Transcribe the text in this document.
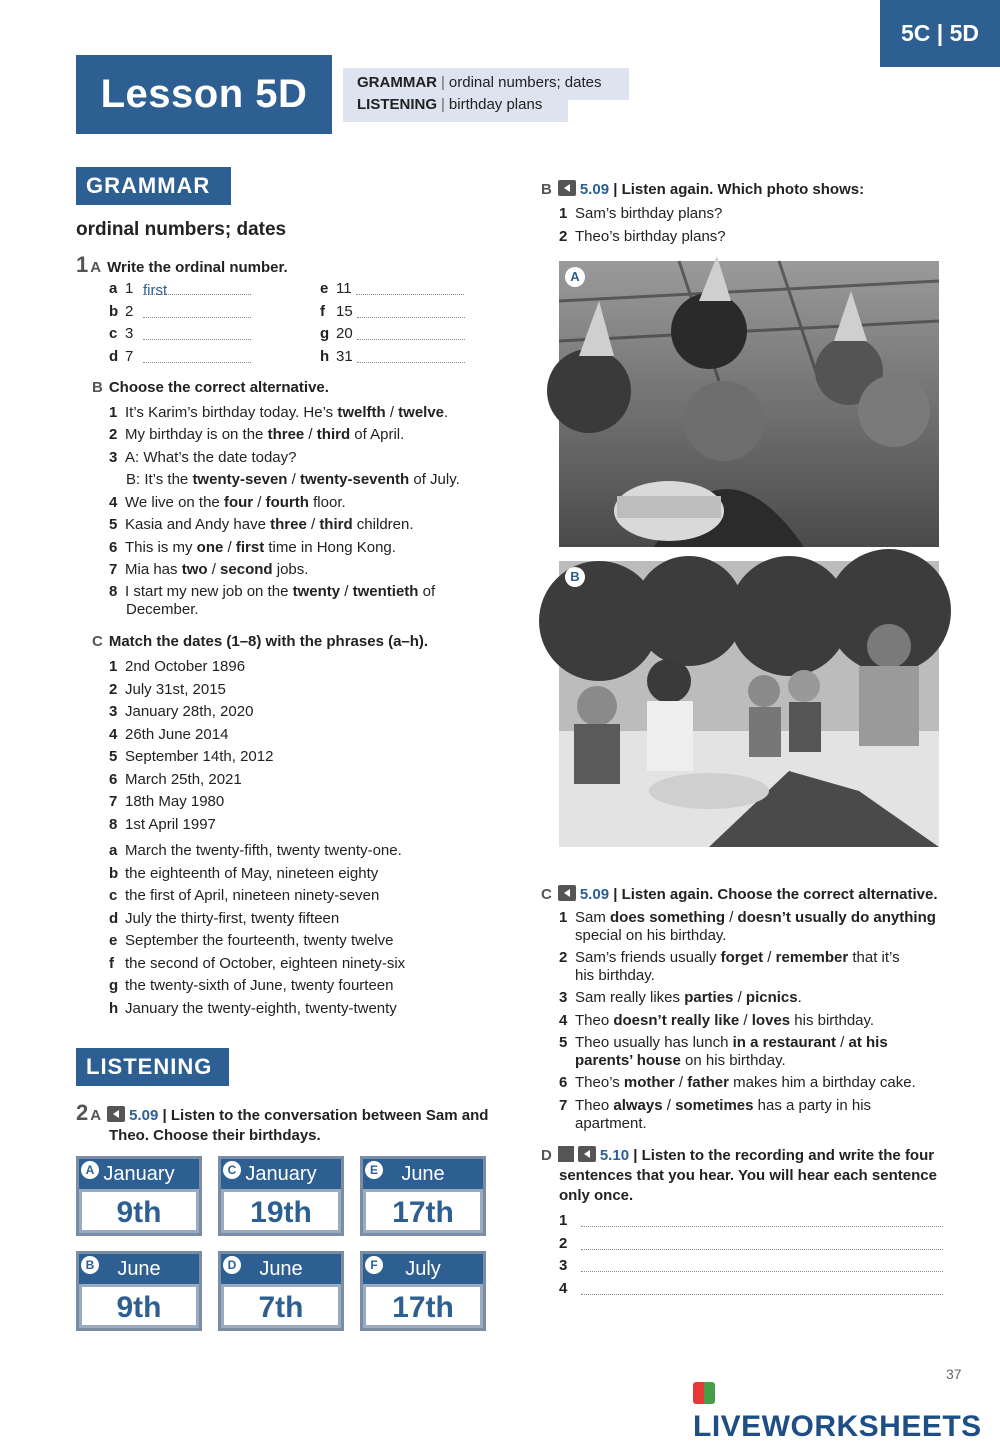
5C | 5D
Lesson 5D	GRAMMAR | ordinal numbers; dates
LISTENING | birthday plans
GRAMMAR
ordinal numbers; dates
1 A Write the ordinal number.
a 1 first
b 2
c 3
d 7
e 11
f 15
g 20
h 31
B Choose the correct alternative.
1 It’s Karim’s birthday today. He’s twelfth / twelve.
2 My birthday is on the three / third of April.
3 A: What’s the date today?
B: It’s the twenty-seven / twenty-seventh of July.
4 We live on the four / fourth floor.
5 Kasia and Andy have three / third children.
6 This is my one / first time in Hong Kong.
7 Mia has two / second jobs.
8 I start my new job on the twenty / twentieth of
December.
C Match the dates (1–8) with the phrases (a–h).
1 2nd October 1896
2 July 31st, 2015
3 January 28th, 2020
4 26th June 2014
5 September 14th, 2012
6 March 25th, 2021
7 18th May 1980
8 1st April 1997
a March the twenty-fifth, twenty twenty-one.
b the eighteenth of May, nineteen eighty
c the first of April, nineteen ninety-seven
d July the thirty-first, twenty fifteen
e September the fourteenth, twenty twelve
f the second of October, eighteen ninety-six
g the twenty-sixth of June, twenty fourteen
h January the twenty-eighth, twenty-twenty
LISTENING
2 A 5.09 | Listen to the conversation between Sam and
Theo. Choose their birthdays.
A January
9th
C January
19th
E	June
17th
B	June
9th
D	June
7th
F	July
17th
B 5.09 | Listen again. Which photo shows:
1 Sam’s birthday plans?
2 Theo’s birthday plans?
A
B
C 5.09 | Listen again. Choose the correct alternative.
1 Sam does something / doesn’t usually do anything
special on his birthday.
2 Sam’s friends usually forget / remember that it’s
his birthday.
3 Sam really likes parties / picnics.
4 Theo doesn’t really like / loves his birthday.
5 Theo usually has lunch in a restaurant / at his
parents’ house on his birthday.
6 Theo’s mother / father makes him a birthday cake.
7 Theo always / sometimes has a party in his
apartment.
D	5.10 | Listen to the recording and write the four
sentences that you hear. You will hear each sentence
only once.
1
2
3
4
37
LIVEWORKSHEETS
